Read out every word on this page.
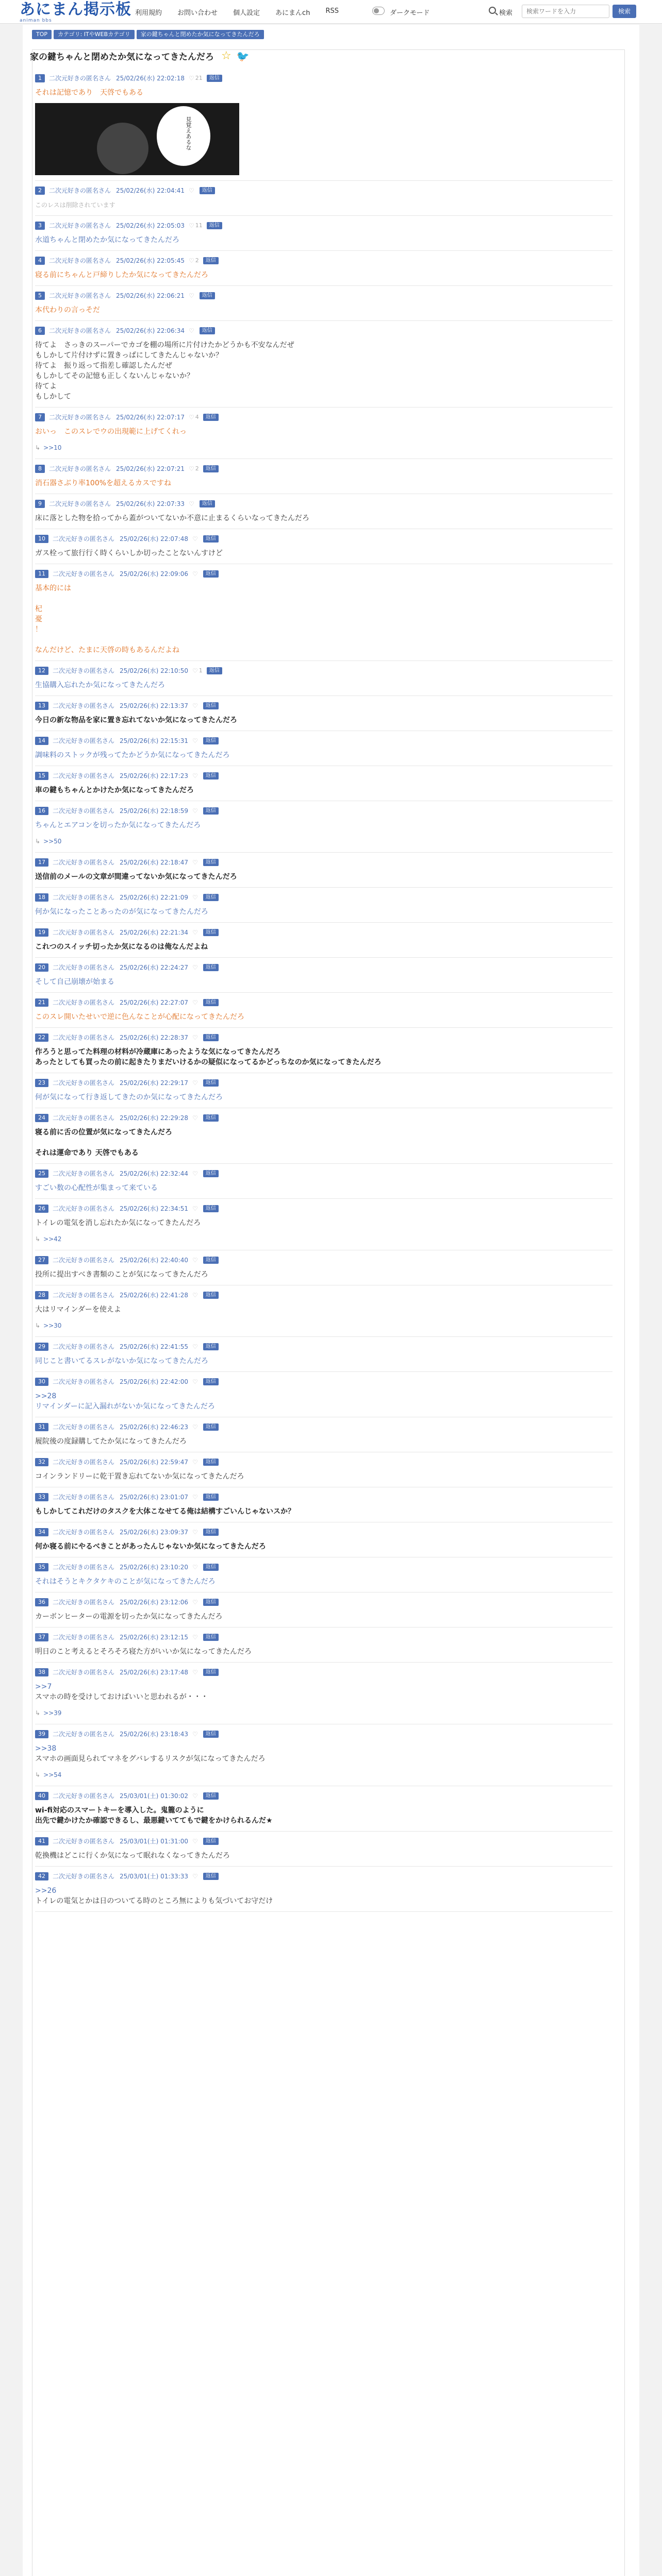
あにまん掲示板
animan bbs
利用規約 お問い合わせ 個人設定 あにまんch RSS	ダークモード	検索
検索ワードを入力	検索
TOP	カテゴリ: ITやWEBカテゴリ	家の鍵ちゃんと閉めたか気になってきたんだろ
家の鍵ちゃんと閉めたか気になってきたんだろ ☆ 🐦
1	二次元好きの匿名さん 25/02/26(水) 22:02:18 ♡ 21	返信
それは記憶であり　天啓でもある
見覚えあるな
2	二次元好きの匿名さん 25/02/26(水) 22:04:41 ♡	返信
このレスは削除されています
3	二次元好きの匿名さん 25/02/26(水) 22:05:03 ♡ 11	返信
水道ちゃんと閉めたか気になってきたんだろ
4	二次元好きの匿名さん 25/02/26(水) 22:05:45 ♡ 2	返信
寝る前にちゃんと戸締りしたか気になってきたんだろ
5	二次元好きの匿名さん 25/02/26(水) 22:06:21 ♡	返信
本代わりの言っそだ
6	二次元好きの匿名さん 25/02/26(水) 22:06:34 ♡	返信
待てよ　さっきのスーパーでカゴを棚の場所に片付けたかどうかも不安なんだぜ
もしかして片付けずに置きっぱにしてきたんじゃないか？
待てよ　振り返って指差し確認したんだぜ
もしかしてその記憶も正しくないんじゃないか？
待てよ
もしかして
7	二次元好きの匿名さん 25/02/26(水) 22:07:17 ♡ 4	返信
おいっ　このスレでウの出現範に上げてくれっ
↳ >>10
8	二次元好きの匿名さん 25/02/26(水) 22:07:21 ♡ 2	返信
消石器さぶり率100%を超えるカスですね
9	二次元好きの匿名さん 25/02/26(水) 22:07:33 ♡	返信
床に落とした物を拾ってから蓋がついてないか不意に止まるくらいなってきたんだろ
10	二次元好きの匿名さん 25/02/26(水) 22:07:48 ♡	返信
ガス栓って旅行行く時くらいしか切ったことないんすけど
11	二次元好きの匿名さん 25/02/26(水) 22:09:06 ♡	返信
基本的には

杞
憂
！

なんだけど、たまに天啓の時もあるんだよね
12	二次元好きの匿名さん 25/02/26(水) 22:10:50 ♡ 1	返信
生協購入忘れたか気になってきたんだろ
13	二次元好きの匿名さん 25/02/26(水) 22:13:37 ♡	返信
今日の新な物品を家に置き忘れてないか気になってきたんだろ
14	二次元好きの匿名さん 25/02/26(水) 22:15:31 ♡	返信
調味料のストックが残ってたかどうか気になってきたんだろ
15	二次元好きの匿名さん 25/02/26(水) 22:17:23 ♡	返信
車の鍵もちゃんとかけたか気になってきたんだろ
16	二次元好きの匿名さん 25/02/26(水) 22:18:59 ♡	返信
ちゃんとエアコンを切ったか気になってきたんだろ
↳ >>50
17	二次元好きの匿名さん 25/02/26(水) 22:18:47 ♡	返信
送信前のメールの文章が間違ってないか気になってきたんだろ
18	二次元好きの匿名さん 25/02/26(水) 22:21:09 ♡	返信
何か気になったことあったのが気になってきたんだろ
19	二次元好きの匿名さん 25/02/26(水) 22:21:34 ♡	返信
これつのスイッチ切ったか気になるのは俺なんだよね
20	二次元好きの匿名さん 25/02/26(水) 22:24:27 ♡	返信
そして自己崩壊が始まる
21	二次元好きの匿名さん 25/02/26(水) 22:27:07 ♡	返信
このスレ開いたせいで逆に色んなことが心配になってきたんだろ
22	二次元好きの匿名さん 25/02/26(水) 22:28:37 ♡	返信
作ろうと思ってた料理の材料が冷蔵庫にあったような気になってきたんだろ
あったとしても買ったの前に起きたりまだいけるかの疑似になってるかどっちなのか気になってきたんだろ
23	二次元好きの匿名さん 25/02/26(水) 22:29:17 ♡	返信
何が気になって行き返してきたのか気になってきたんだろ
24	二次元好きの匿名さん 25/02/26(水) 22:29:28 ♡	返信
寝る前に舌の位置が気になってきたんだろ

それは運命であり 天啓でもある
25	二次元好きの匿名さん 25/02/26(水) 22:32:44 ♡	返信
すごい数の心配性が集まって来ている
26	二次元好きの匿名さん 25/02/26(水) 22:34:51 ♡	返信
トイレの電気を消し忘れたか気になってきたんだろ
↳ >>42
27	二次元好きの匿名さん 25/02/26(水) 22:40:40 ♡	返信
投所に提出すべき書類のことが気になってきたんだろ
28	二次元好きの匿名さん 25/02/26(水) 22:41:28 ♡	返信
大はリマインダーを使えよ
↳ >>30
29	二次元好きの匿名さん 25/02/26(水) 22:41:55 ♡	返信
同じこと書いてるスレがないか気になってきたんだろ
30	二次元好きの匿名さん 25/02/26(水) 22:42:00 ♡	返信
>>28
リマインダーに記入漏れがないか気になってきたんだろ
31	二次元好きの匿名さん 25/02/26(水) 22:46:23 ♡	返信
履院後の度録購してたか気になってきたんだろ
32	二次元好きの匿名さん 25/02/26(水) 22:59:47 ♡	返信
コインランドリーに乾干置き忘れてないか気になってきたんだろ
33	二次元好きの匿名さん 25/02/26(水) 23:01:07 ♡	返信
もしかしてこれだけのタスクを大体こなせてる俺は結構すごいんじゃないスか？
34	二次元好きの匿名さん 25/02/26(水) 23:09:37 ♡	返信
何か寝る前にやるべきことがあったんじゃないか気になってきたんだろ
35	二次元好きの匿名さん 25/02/26(水) 23:10:20 ♡	返信
それはそうとキクタケキのことが気になってきたんだろ
36	二次元好きの匿名さん 25/02/26(水) 23:12:06 ♡	返信
カーボンヒーターの電源を切ったか気になってきたんだろ
37	二次元好きの匿名さん 25/02/26(水) 23:12:15 ♡	返信
明日のこと考えるとそろそろ寝た方がいいか気になってきたんだろ
38	二次元好きの匿名さん 25/02/26(水) 23:17:48 ♡	返信
>>7
スマホの時を受けしておけばいいと思われるが・・・
↳ >>39
39	二次元好きの匿名さん 25/02/26(水) 23:18:43 ♡	返信
>>38
スマホの画面見られてマネをグバレするリスクが気になってきたんだろ
↳ >>54
40	二次元好きの匿名さん 25/03/01(土) 01:30:02 ♡	返信
wi-fi対応のスマートキーを導入した。鬼籠のように
出先で鍵かけたか確認できるし、最悪鍵いててもで鍵をかけられるんだ★
41	二次元好きの匿名さん 25/03/01(土) 01:31:00 ♡	返信
乾換機はどこに行くか気になって眠れなくなってきたんだろ
42	二次元好きの匿名さん 25/03/01(土) 01:33:33 ♡	返信
>>26
トイレの電気とかは日のついてる時のところ無によりも気づいてお守だけ
